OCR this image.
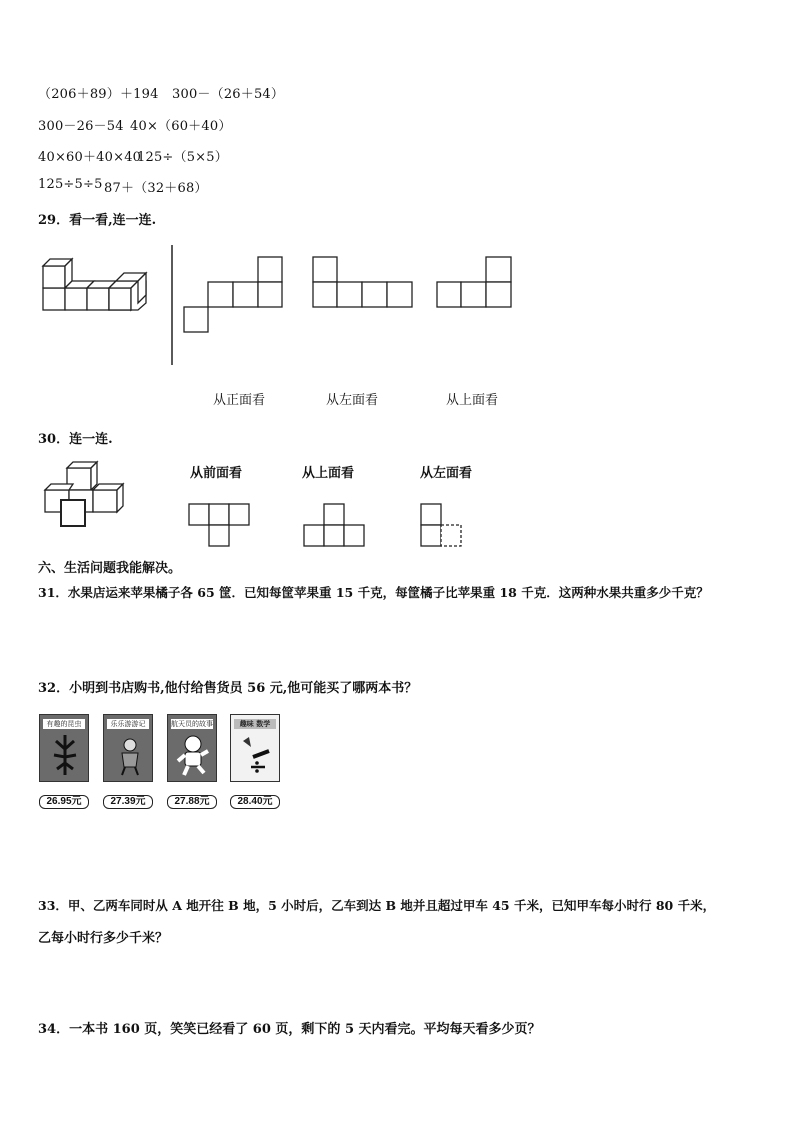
（206＋89）＋194 300－（26＋54）
300－26－54 40×（60＋40）
40×60＋40×40
125÷（5×5）
125÷5÷5 87＋（32＋68）
29．看一看,连一连.
从正面看	从左面看	从上面看
30．连一连.
从前面看	从上面看	从左面看
六、生活问题我能解决。
31．水果店运来苹果橘子各 65 筐．已知每筐苹果重 15 千克，每筐橘子比苹果重 18 千克．这两种水果共重多少千克？
32．小明到书店购书,他付给售货员 56 元,他可能买了哪两本书？
有趣的昆虫
26.95元
乐乐游游记
27.39元
航天员的故事
27.88元
趣味 数学
28.40元
33．甲、乙两车同时从 A 地开往 B 地，5 小时后，乙车到达 B 地并且超过甲车 45 千米，已知甲车每小时行 80 千米，
乙每小时行多少千米？
34．一本书 160 页，笑笑已经看了 60 页，剩下的 5 天内看完。平均每天看多少页？
